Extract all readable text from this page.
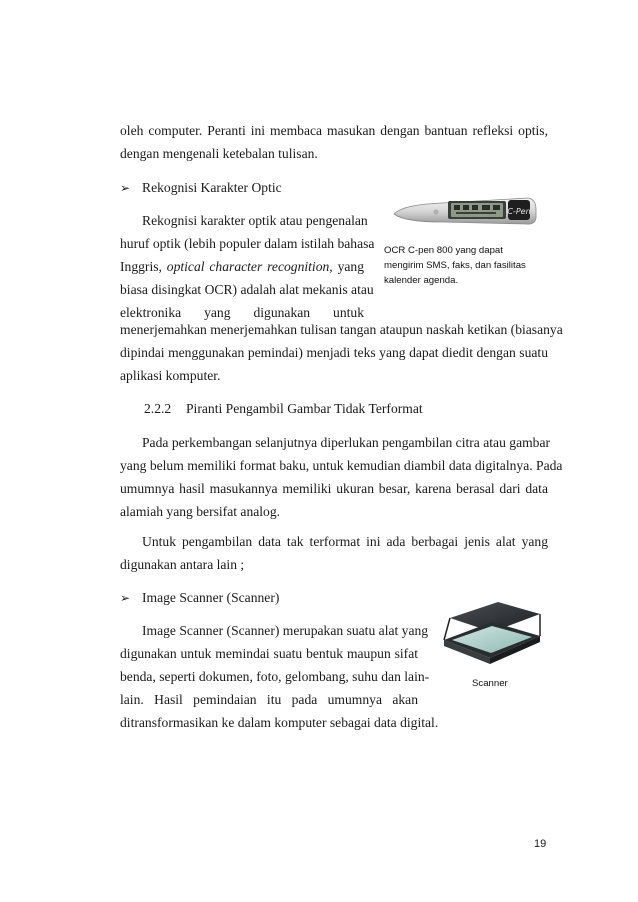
oleh computer. Peranti ini membaca masukan dengan bantuan refleksi optis,
dengan mengenali ketebalan tulisan.
➢ Rekognisi Karakter Optic
Rekognisi karakter optik atau pengenalan
huruf optik (lebih populer dalam istilah bahasa
Inggris, optical character recognition, yang
biasa disingkat OCR) adalah alat mekanis atau
elektronika yang digunakan untuk
menerjemahkan menerjemahkan tulisan tangan ataupun naskah ketikan (biasanya
dipindai menggunakan pemindai) menjadi teks yang dapat diedit dengan suatu
aplikasi komputer.
C-Pen
OCR C-pen 800 yang dapat
mengirim SMS, faks, dan fasilitas
kalender agenda.
2.2.2 Piranti Pengambil Gambar Tidak Terformat
Pada perkembangan selanjutnya diperlukan pengambilan citra atau gambar
yang belum memiliki format baku, untuk kemudian diambil data digitalnya. Pada
umumnya hasil masukannya memiliki ukuran besar, karena berasal dari data
alamiah yang bersifat analog.
Untuk pengambilan data tak terformat ini ada berbagai jenis alat yang
digunakan antara lain ;
➢ Image Scanner (Scanner)
Image Scanner (Scanner) merupakan suatu alat yang
digunakan untuk memindai suatu bentuk maupun sifat
benda, seperti dokumen, foto, gelombang, suhu dan lain-
lain. Hasil pemindaian itu pada umumnya akan
ditransformasikan ke dalam komputer sebagai data digital.
Scanner
19
